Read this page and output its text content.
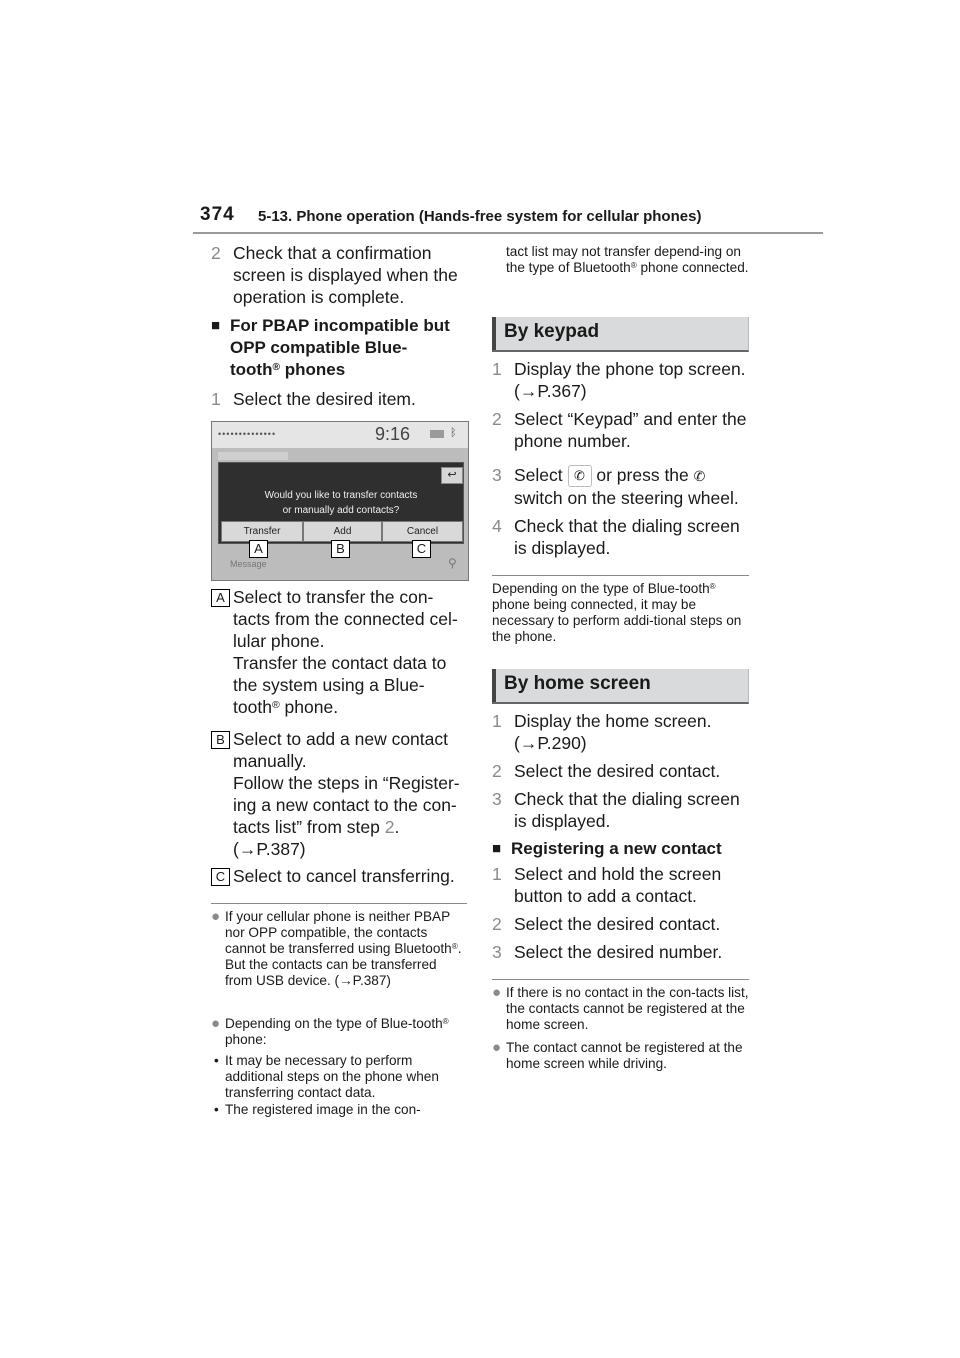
374 5-13. Phone operation (Hands-free system for cellular phones)
2 Check that a confirmation screen is displayed when the operation is complete.
■ For PBAP incompatible but OPP compatible Blue-
tooth® phones
1 Select the desired item.
••••••••••••••	9:16	ᛒ
↩
Would you like to transfer contacts
or manually add contacts?
Transfer	Add	Cancel
Message	⚲
A	B	C
A Select to transfer the con-tacts from the connected cel-lular phone.
Transfer the contact data to the system using a Blue-tooth® phone.
B Select to add a new contact manually.
Follow the steps in “Register-ing a new contact to the con-tacts list” from step 2.
(→P.387)
C Select to cancel transferring.
● If your cellular phone is neither PBAP nor OPP compatible, the contacts cannot be transferred using Bluetooth®. But the contacts can be transferred from USB device. (→P.387)
● Depending on the type of Blue-tooth® phone:
• It may be necessary to perform additional steps on the phone when transferring contact data.
• The registered image in the con-
tact list may not transfer depend-ing on the type of Bluetooth® phone connected.
By keypad
1 Display the phone top screen. (→P.367)
2 Select “Keypad” and enter the phone number.
3 Select ✆ or press the ✆
switch on the steering wheel.
4 Check that the dialing screen is displayed.
Depending on the type of Blue-tooth® phone being connected, it may be necessary to perform addi-tional steps on the phone.
By home screen
1 Display the home screen. (→P.290)
2 Select the desired contact.
3 Check that the dialing screen is displayed.
■ Registering a new contact
1 Select and hold the screen button to add a contact.
2 Select the desired contact.
3 Select the desired number.
● If there is no contact in the con-tacts list, the contacts cannot be registered at the home screen.
● The contact cannot be registered at the home screen while driving.
